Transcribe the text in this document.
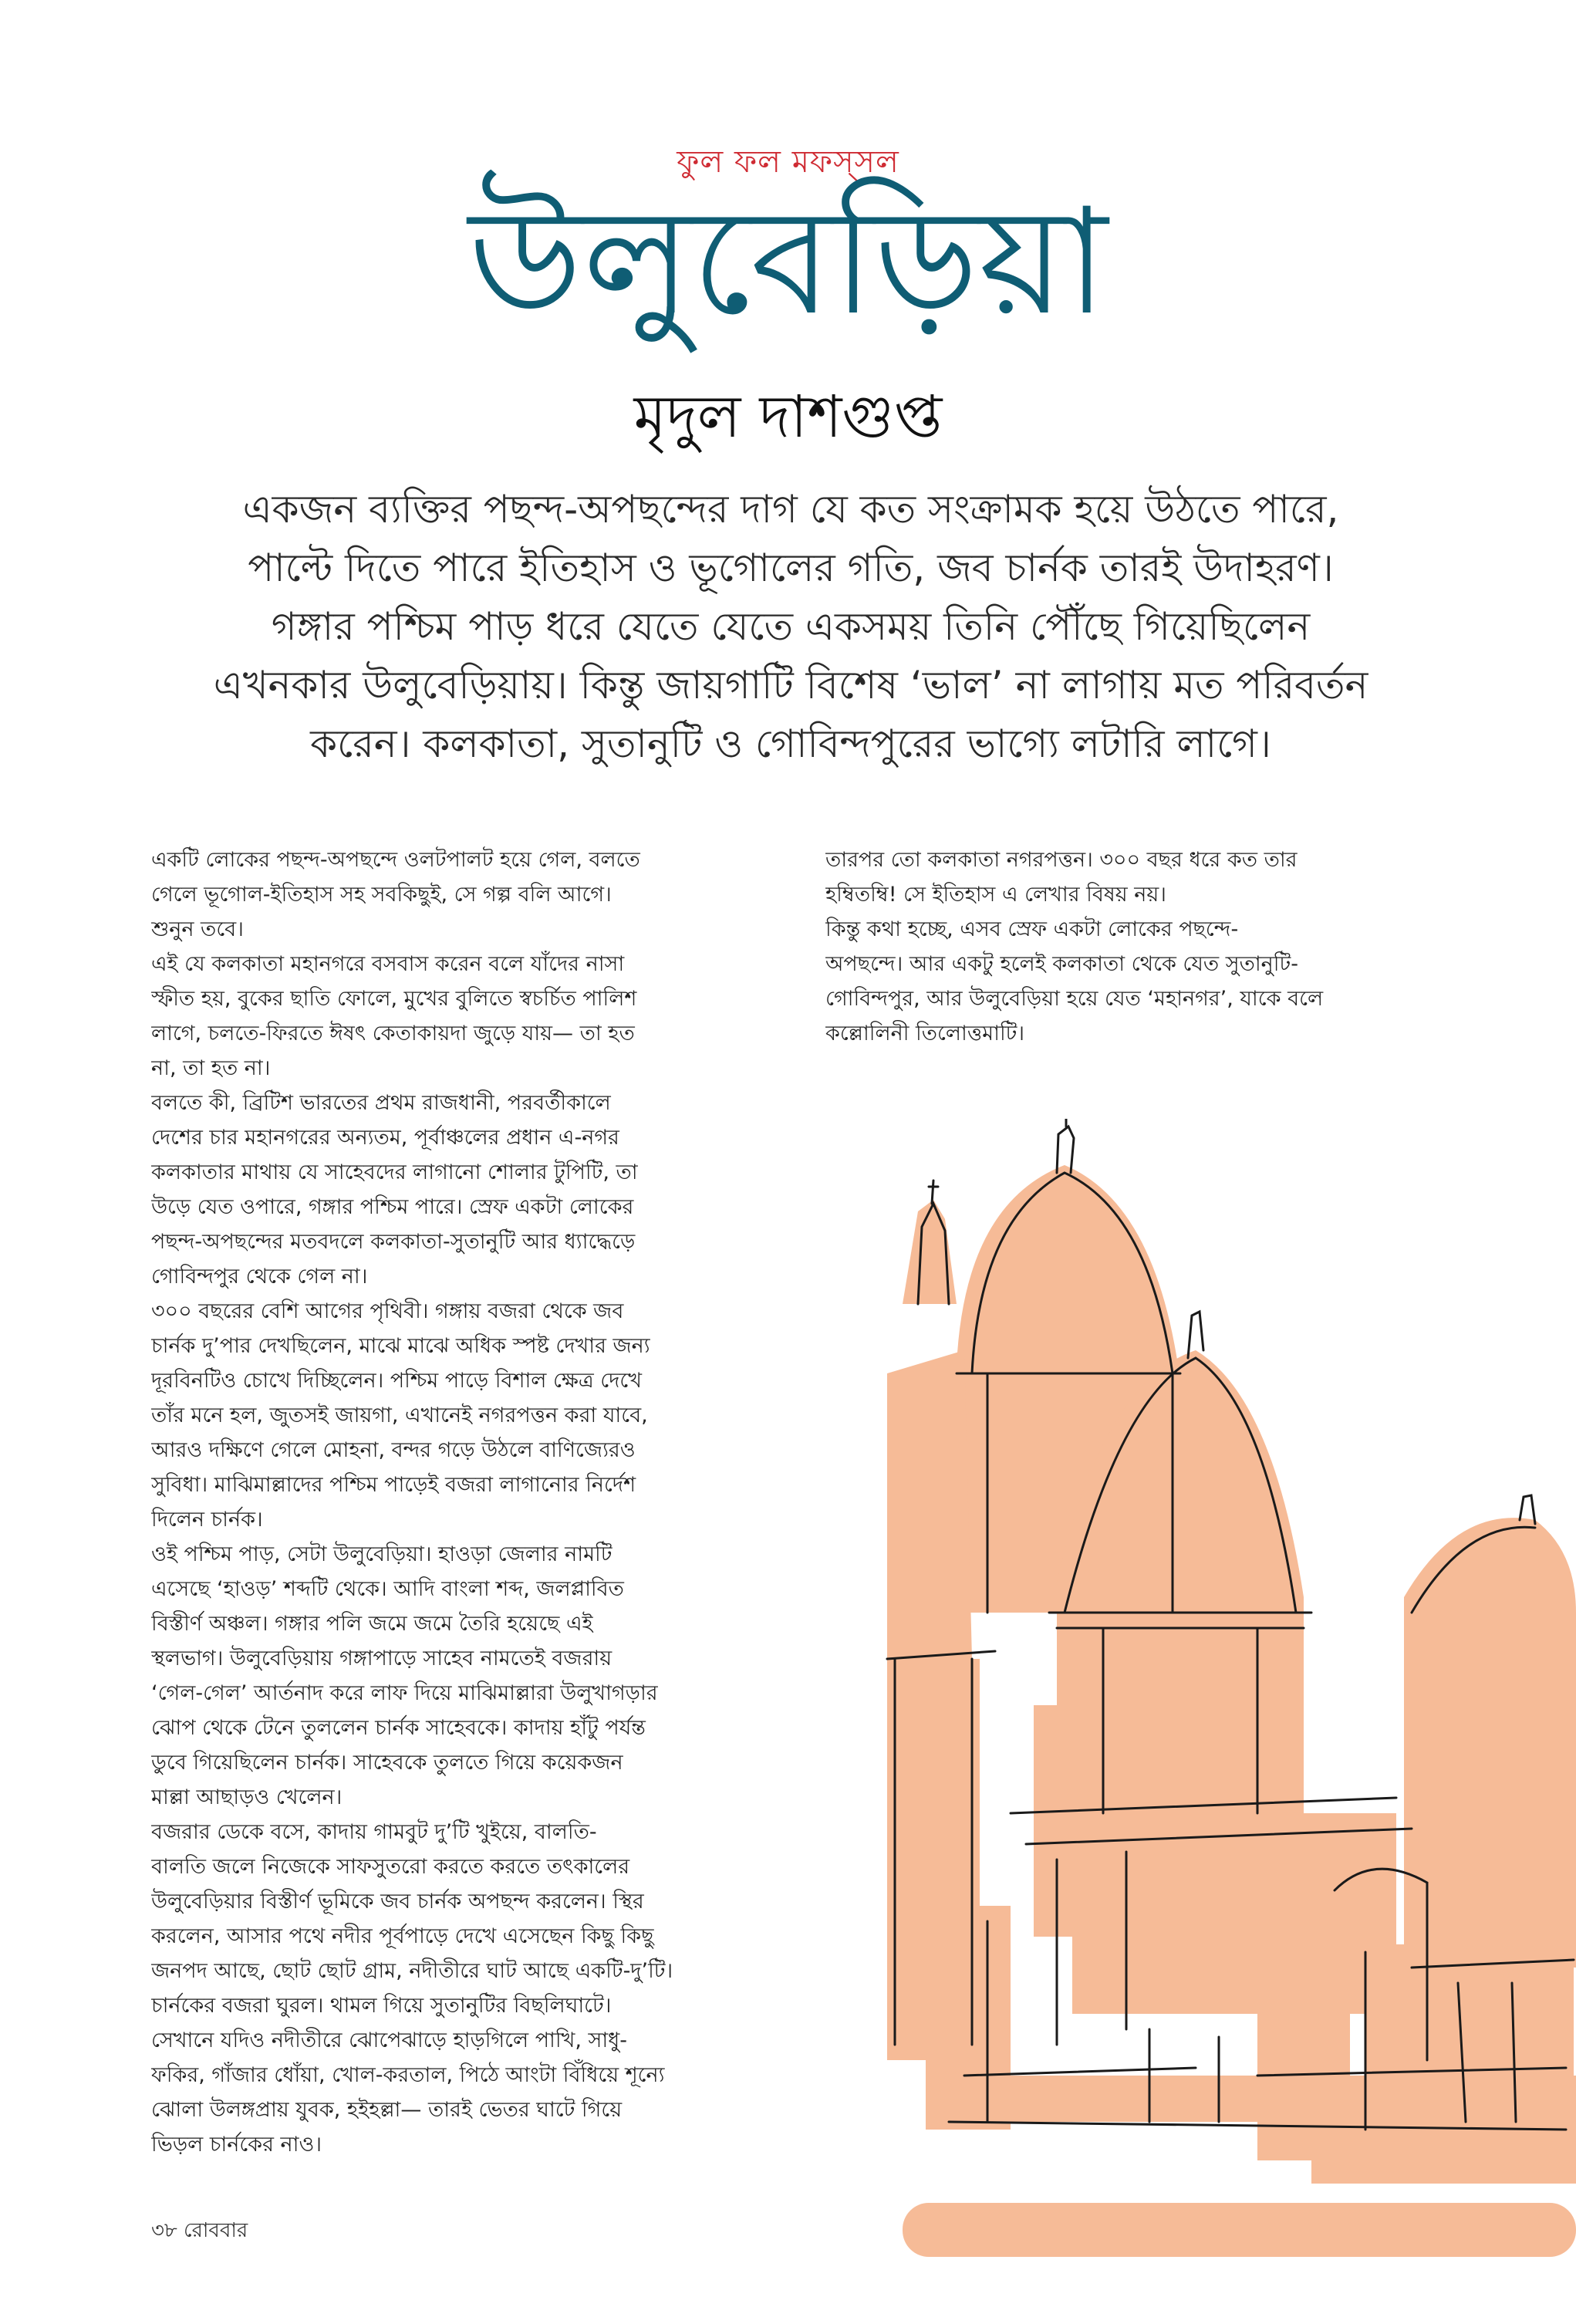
ফুল ফল মফস্‌সল
উলুবেড়িয়া
মৃদুল দাশগুপ্ত
একজন ব্যক্তির পছন্দ-অপছন্দের দাগ যে কত সংক্রামক হয়ে উঠতে পারে,
পাল্টে দিতে পারে ইতিহাস ও ভূগোলের গতি, জব চার্নক তারই উদাহরণ।
গঙ্গার পশ্চিম পাড় ধরে যেতে যেতে একসময় তিনি পৌঁছে গিয়েছিলেন
এখনকার উলুবেড়িয়ায়। কিন্তু জায়গাটি বিশেষ ‘ভাল’ না লাগায় মত পরিবর্তন
করেন। কলকাতা, সুতানুটি ও গোবিন্দপুরের ভাগ্যে লটারি লাগে।
একটি লোকের পছন্দ-অপছন্দে ওলটপালট হয়ে গেল, বলতে
গেলে ভূগোল-ইতিহাস সহ সবকিছুই, সে গল্প বলি আগে।
শুনুন তবে।
এই যে কলকাতা মহানগরে বসবাস করেন বলে যাঁদের নাসা
স্ফীত হয়, বুকের ছাতি ফোলে, মুখের বুলিতে স্বচর্চিত পালিশ
লাগে, চলতে-ফিরতে ঈষৎ কেতাকায়দা জুড়ে যায়— তা হত
না, তা হত না।
বলতে কী, ব্রিটিশ ভারতের প্রথম রাজধানী, পরবর্তীকালে
দেশের চার মহানগরের অন্যতম, পূর্বাঞ্চলের প্রধান এ-নগর
কলকাতার মাথায় যে সাহেবদের লাগানো শোলার টুপিটি, তা
উড়ে যেত ওপারে, গঙ্গার পশ্চিম পারে। স্রেফ একটা লোকের
পছন্দ-অপছন্দের মতবদলে কলকাতা-সুতানুটি আর ধ্যাদ্ধেড়ে
গোবিন্দপুর থেকে গেল না।
৩০০ বছরের বেশি আগের পৃথিবী। গঙ্গায় বজরা থেকে জব
চার্নক দু’পার দেখছিলেন, মাঝে মাঝে অধিক স্পষ্ট দেখার জন্য
দূরবিনটিও চোখে দিচ্ছিলেন। পশ্চিম পাড়ে বিশাল ক্ষেত্র দেখে
তাঁর মনে হল, জুতসই জায়গা, এখানেই নগরপত্তন করা যাবে,
আরও দক্ষিণে গেলে মোহনা, বন্দর গড়ে উঠলে বাণিজ্যেরও
সুবিধা। মাঝিমাল্লাদের পশ্চিম পাড়েই বজরা লাগানোর নির্দেশ
দিলেন চার্নক।
ওই পশ্চিম পাড়, সেটা উলুবেড়িয়া। হাওড়া জেলার নামটি
এসেছে ‘হাওড়’ শব্দটি থেকে। আদি বাংলা শব্দ, জলপ্লাবিত
বিস্তীর্ণ অঞ্চল। গঙ্গার পলি জমে জমে তৈরি হয়েছে এই
স্থলভাগ। উলুবেড়িয়ায় গঙ্গাপাড়ে সাহেব নামতেই বজরায়
‘গেল-গেল’ আর্তনাদ করে লাফ দিয়ে মাঝিমাল্লারা উলুখাগড়ার
ঝোপ থেকে টেনে তুললেন চার্নক সাহেবকে। কাদায় হাঁটু পর্যন্ত
ডুবে গিয়েছিলেন চার্নক। সাহেবকে তুলতে গিয়ে কয়েকজন
মাল্লা আছাড়ও খেলেন।
বজরার ডেকে বসে, কাদায় গামবুট দু’টি খুইয়ে, বালতি-
বালতি জলে নিজেকে সাফসুতরো করতে করতে তৎকালের
উলুবেড়িয়ার বিস্তীর্ণ ভূমিকে জব চার্নক অপছন্দ করলেন। স্থির
করলেন, আসার পথে নদীর পূর্বপাড়ে দেখে এসেছেন কিছু কিছু
জনপদ আছে, ছোট ছোট গ্রাম, নদীতীরে ঘাট আছে একটি-দু’টি।
চার্নকের বজরা ঘুরল। থামল গিয়ে সুতানুটির বিছলিঘাটে।
সেখানে যদিও নদীতীরে ঝোপেঝাড়ে হাড়গিলে পাখি, সাধু-
ফকির, গাঁজার ধোঁয়া, খোল-করতাল, পিঠে আংটা বিঁধিয়ে শূন্যে
ঝোলা উলঙ্গপ্রায় যুবক, হইহল্লা— তারই ভেতর ঘাটে গিয়ে
ভিড়ল চার্নকের নাও।
তারপর তো কলকাতা নগরপত্তন। ৩০০ বছর ধরে কত তার
হম্বিতম্বি! সে ইতিহাস এ লেখার বিষয় নয়।
কিন্তু কথা হচ্ছে, এসব স্রেফ একটা লোকের পছন্দে-
অপছন্দে। আর একটু হলেই কলকাতা থেকে যেত সুতানুটি-
গোবিন্দপুর, আর উলুবেড়িয়া হয়ে যেত ‘মহানগর’, যাকে বলে
কল্লোলিনী তিলোত্তমাটি।
৩৮ রোববার
